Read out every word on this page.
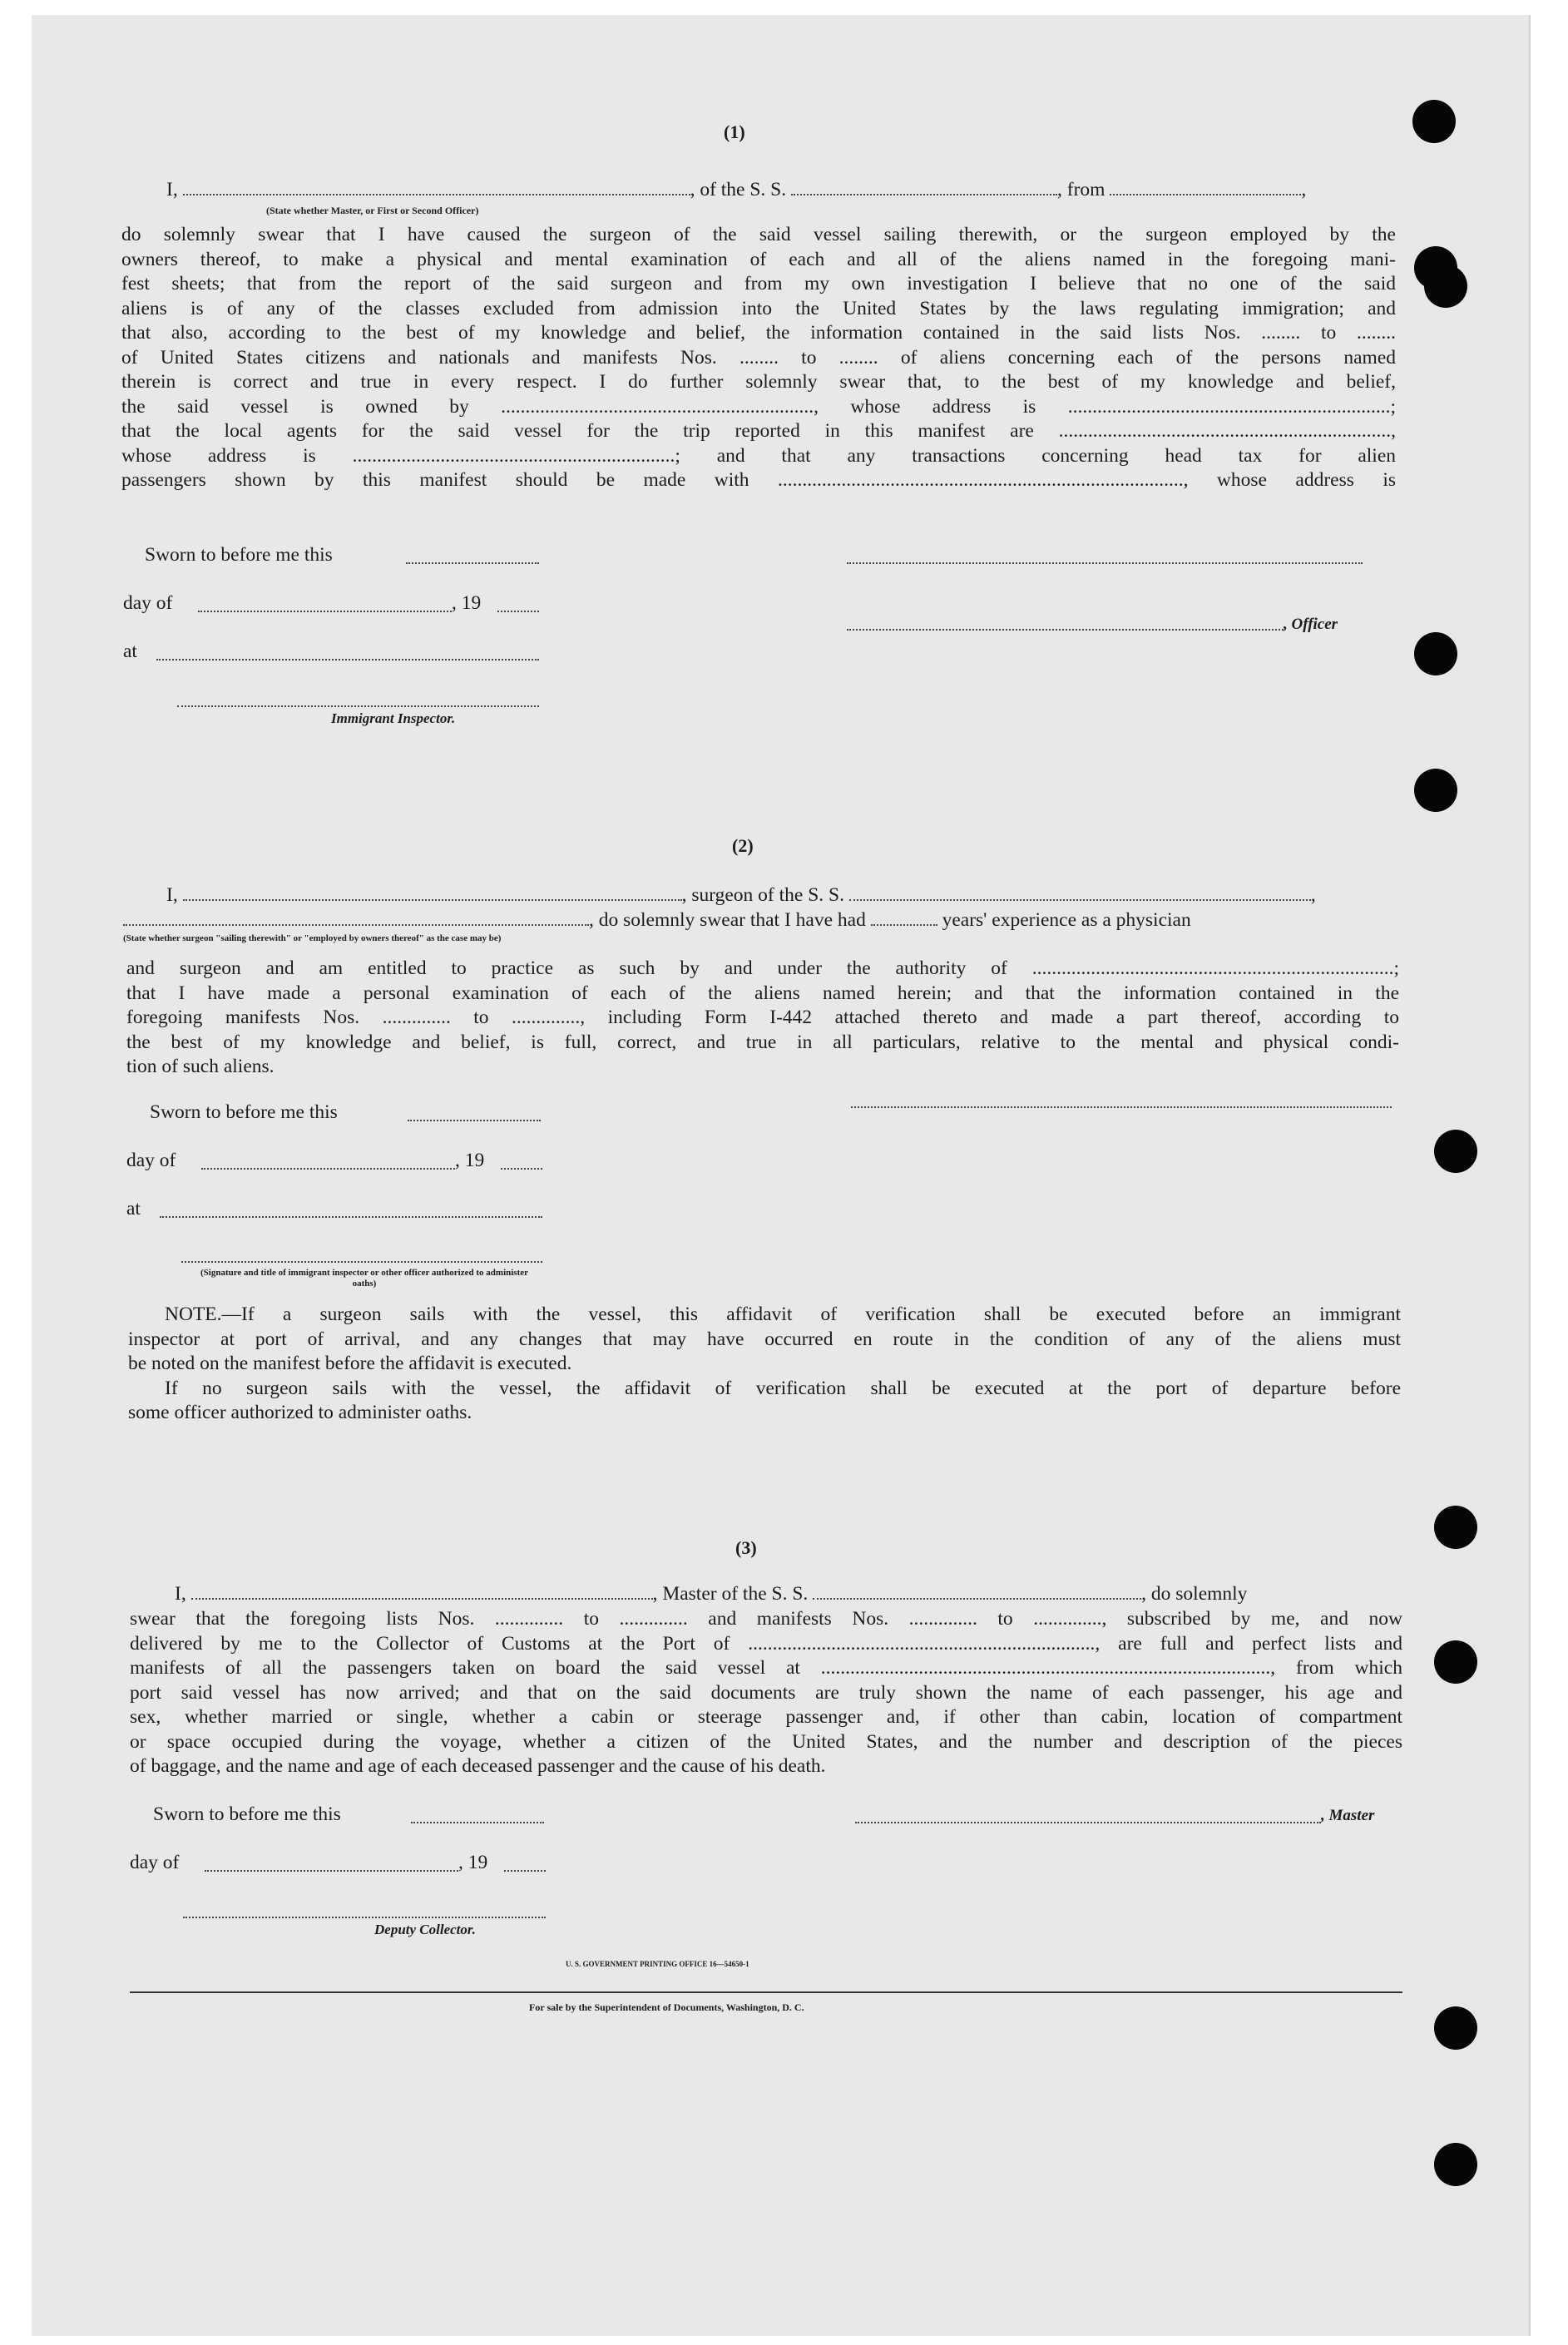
(1)
I,	, of the S. S.	, from	,
(State whether Master, or First or Second Officer)
do solemnly swear that I have caused the surgeon of the said vessel sailing therewith, or the surgeon employed by the
owners thereof, to make a physical and mental examination of each and all of the aliens named in the foregoing mani-
fest sheets; that from the report of the said surgeon and from my own investigation I believe that no one of the said
aliens is of any of the classes excluded from admission into the United States by the laws regulating immigration; and
that also, according to the best of my knowledge and belief, the information contained in the said lists Nos. ........ to ........
of United States citizens and nationals and manifests Nos. ........ to ........ of aliens concerning each of the persons named
therein is correct and true in every respect. I do further solemnly swear that, to the best of my knowledge and belief,
the said vessel is owned by ................................................................, whose address is ..................................................................;
that the local agents for the said vessel for the trip reported in this manifest are ....................................................................,
whose address is ..................................................................; and that any transactions concerning head tax for alien
passengers shown by this manifest should be made with ..................................................................................., whose address is
Sworn to before me this
day of	, 19
, Officer
at
Immigrant Inspector.
(2)
I,	, surgeon of the S. S.	,
, do solemnly swear that I have had	years' experience as a physician
(State whether surgeon "sailing therewith" or "employed by owners thereof" as the case may be)
and surgeon and am entitled to practice as such by and under the authority of ..........................................................................;
that I have made a personal examination of each of the aliens named herein; and that the information contained in the
foregoing manifests Nos. .............. to .............., including Form I-442 attached thereto and made a part thereof, according to
the best of my knowledge and belief, is full, correct, and true in all particulars, relative to the mental and physical condi-
tion of such aliens.
Sworn to before me this
day of	, 19
at
(Signature and title of immigrant inspector or other officer authorized to administer oaths)
NOTE.—If a surgeon sails with the vessel, this affidavit of verification shall be executed before an immigrant
inspector at port of arrival, and any changes that may have occurred en route in the condition of any of the aliens must
be noted on the manifest before the affidavit is executed.
If no surgeon sails with the vessel, the affidavit of verification shall be executed at the port of departure before
some officer authorized to administer oaths.
(3)
I,	, Master of the S. S.	, do solemnly
swear that the foregoing lists Nos. .............. to .............. and manifests Nos. .............. to .............., subscribed by me, and now
delivered by me to the Collector of Customs at the Port of ......................................................................., are full and perfect lists and
manifests of all the passengers taken on board the said vessel at ............................................................................................, from which
port said vessel has now arrived; and that on the said documents are truly shown the name of each passenger, his age and
sex, whether married or single, whether a cabin or steerage passenger and, if other than cabin, location of compartment
or space occupied during the voyage, whether a citizen of the United States, and the number and description of the pieces
of baggage, and the name and age of each deceased passenger and the cause of his death.
Sworn to before me this	, Master
day of	, 19
Deputy Collector.
U. S. GOVERNMENT PRINTING OFFICE 16—54650-1
For sale by the Superintendent of Documents, Washington, D. C.
